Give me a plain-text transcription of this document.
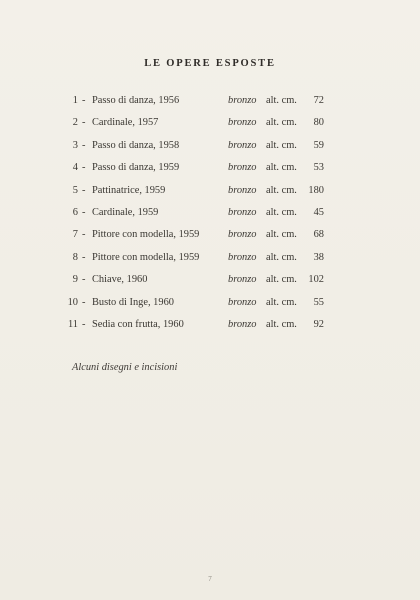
LE OPERE ESPOSTE
1 - Passo di danza, 1956	bronzo alt. cm. 72
2 - Cardinale, 1957	bronzo alt. cm. 80
3 - Passo di danza, 1958	bronzo alt. cm. 59
4 - Passo di danza, 1959	bronzo alt. cm. 53
5 - Pattinatrice, 1959	bronzo alt. cm. 180
6 - Cardinale, 1959	bronzo alt. cm. 45
7 - Pittore con modella, 1959	bronzo alt. cm. 68
8 - Pittore con modella, 1959	bronzo alt. cm. 38
9 - Chiave, 1960	bronzo alt. cm. 102
10 - Busto di Inge, 1960	bronzo alt. cm. 55
11 - Sedia con frutta, 1960	bronzo alt. cm. 92
Alcuni disegni e incisioni
7
